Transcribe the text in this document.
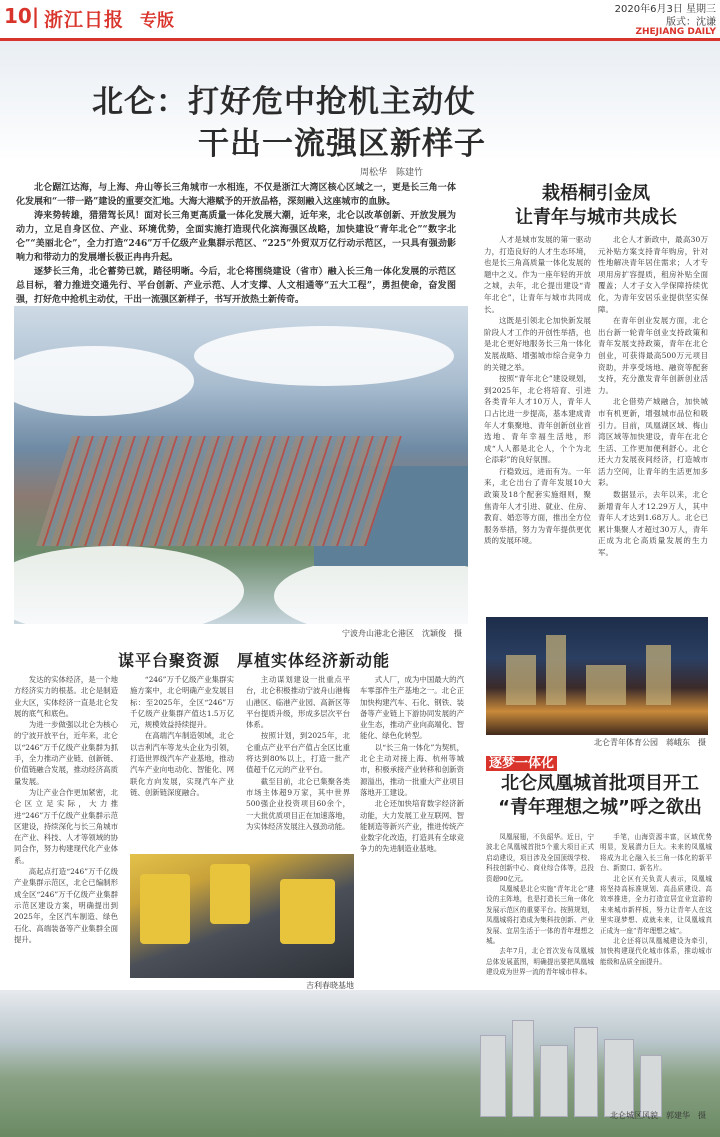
10| 浙江日报 专版
2020年6月3日 星期三
版式：沈谦
ZHEJIANG DAILY
北仑：打好危中抢机主动仗
干出一流强区新样子
周松华　陈建竹

北仑踞江达海，与上海、舟山等长三角城市一水相连，不仅是浙江大湾区核心区域之一，更是长三角一体化发展和“一带一路”建设的重要交汇地。大海大港赋予的开放品格，深刻融入这座城市的血脉。

涛来势转雄，猎猎驾长风！面对长三角更高质量一体化发展大潮，近年来，北仑以改革创新、开放发展为动力，立足自身区位、产业、环境优势，全面实施打造现代化滨海强区战略，加快建设“青年北仑”“数字北仑”“美丽北仑”，全力打造“246”万千亿级产业集群示范区、“225”外贸双万亿行动示范区，一只具有强劲影响力和带动力的发展增长极正冉冉升起。

逐梦长三角，北仑蓄势已就，踏径明晰。今后，北仑将围绕建设（省市）融入长三角一体化发展的示范区总目标，着力推进交通先行、平台创新、产业示范、人才支撑、人文相通等“五大工程”，勇担使命，奋发图强，打好危中抢机主动仗，干出一流强区新样子，书写开放热土新传奇。

宁波舟山港北仑港区　沈穎俊　摄
栽梧桐引金凤
让青年与城市共成长

人才是城市发展的第一驱动力，打造良好的人才生态环境，也是长三角高质量一体化发展的题中之义。作为一座年轻的开放之城，去年，北仑提出建设“青年北仑”，让青年与城市共同成长。

这既是引领北仑加快新发展阶段人才工作的开创性举措，也是北仑更好地服务长三角一体化发展战略、增强城市综合竞争力的关键之举。

按照“青年北仑”建设规划，到2025年，北仑将培育、引进各类青年人才10万人，青年人口占比进一步提高，基本建成青年人才集聚地、青年创新创业首选地、青年幸福生活地，形成“人人都是北仑人，个个为北仑添彩”的良好氛围。

行稳致远，进而有为。一年来，北仑出台了青年发展10大政策及18个配套实施细则，聚焦青年人才引进、就业、住房、教育、婚恋等方面，推出全方位服务举措，努力为青年提供更优质的发展环境。

北仑人才新政中，最高30万元补贴方案支持青年购房，针对性地解决青年居住需求；人才专项用房扩容提质，租房补贴全面覆盖；人才子女入学保障持续优化，为青年安居乐业提供坚实保障。

在青年创业发展方面，北仑出台新一轮青年创业支持政策和青年发展支持政策，青年在北仑创业，可获得最高500万元项目资助，并享受场地、融资等配套支持，充分激发青年创新创业活力。

北仑借势产城融合，加快城市有机更新，增强城市品位和吸引力。目前，凤凰湖区域、梅山湾区域等加快建设，青年在北仑生活、工作更加便利舒心。北仑还大力发展夜间经济，打造城市活力空间，让青年的生活更加多彩。

数据显示，去年以来，北仑新增青年人才12.29万人，其中青年人才达到1.68万人。北仑已累计集聚人才超过30万人，青年正成为北仑高质量发展的生力军。

北仑青年体育公园　蒋峨东　摄
逐梦一体化
北仑凤凰城首批项目开工
“青年理想之城”呼之欲出

凤凰展翅，不负韶华。近日，宁波北仑凤凰城首批5个重大项目正式启动建设，项目涉及全国顶级学校、科技创新中心、商业综合体等，总投资超90亿元。

凤凰城是北仑实施“青年北仑”建设的主阵地，也是打造长三角一体化发展示范区的重要平台。按照规划，凤凰城将打造成为集科技创新、产业发展、宜居生活于一体的青年理想之城。

去年7月，北仑首次发布凤凰城总体发展蓝图，明确提出要把凤凰城建设成为世界一流的青年城市样本。

手笔，山海资源丰富，区域优势明显，发展潜力巨大。未来的凤凰城将成为北仑融入长三角一体化的新平台、新窗口、新名片。

北仑区有关负责人表示，凤凰城将坚持高标准规划、高品质建设、高效率推进，全力打造宜居宜业宜游的未来城市新样板，努力让青年人在这里实现梦想、成就未来，让凤凰城真正成为一座“青年理想之城”。

北仑还将以凤凰城建设为牵引，加快构建现代化城市体系，推动城市能级和品质全面提升。

谋平台聚资源　厚植实体经济新动能

发达的实体经济，是一个地方经济实力的根基。北仑是制造业大区，实体经济一直是北仑发展的底气和底色。

为进一步做强以北仑为核心的宁波开放平台，近年来，北仑以“246”万千亿级产业集群为抓手，全力推动产业链、创新链、价值链融合发展，推动经济高质量发展。

为让产业合作更加紧密，北仑区立足实际，大力推进“246”万千亿级产业集群示范区建设，持续深化与长三角城市在产业、科技、人才等领域的协同合作，努力构建现代化产业体系。

高起点打造“246”万千亿级产业集群示范区，北仑已编制形成全区“246”万千亿级产业集群示范区建设方案，明确提出到2025年，全区汽车制造、绿色石化、高端装备等产业集群全面提升。

“246”万千亿级产业集群实施方案中，北仑明确产业发展目标：至2025年，全区“246”万千亿级产业集群产值达1.5万亿元，规模效益持续提升。

在高端汽车制造领域，北仑以吉利汽车等龙头企业为引领，打造世界级汽车产业基地，推动汽车产业向电动化、智能化、网联化方向发展，实现汽车产业链、创新链深度融合。

主动谋划建设一批重点平台，北仑积极推动宁波舟山港梅山港区、临港产业园、高新区等平台提质升级，形成多层次平台体系。

按照计划，到2025年，北仑重点产业平台产值占全区比重将达到80%以上，打造一批产值超千亿元的产业平台。

截至目前，北仑已集聚各类市场主体超9万家，其中世界500强企业投资项目60余个，一大批优质项目正在加速落地，为实体经济发展注入强劲动能。

式人厂，成为中国最大的汽车零部件生产基地之一。北仑正加快构建汽车、石化、钢铁、装备等产业链上下游协同发展的产业生态，推动产业向高端化、智能化、绿色化转型。

以“长三角一体化”为契机，北仑主动对接上海、杭州等城市，积极承接产业转移和创新资源溢出，推动一批重大产业项目落地开工建设。

北仑还加快培育数字经济新动能，大力发展工业互联网、智能制造等新兴产业，推进传统产业数字化改造，打造具有全球竞争力的先进制造业基地。

吉利春晓基地
北仑城区风貌　郭建华　摄
